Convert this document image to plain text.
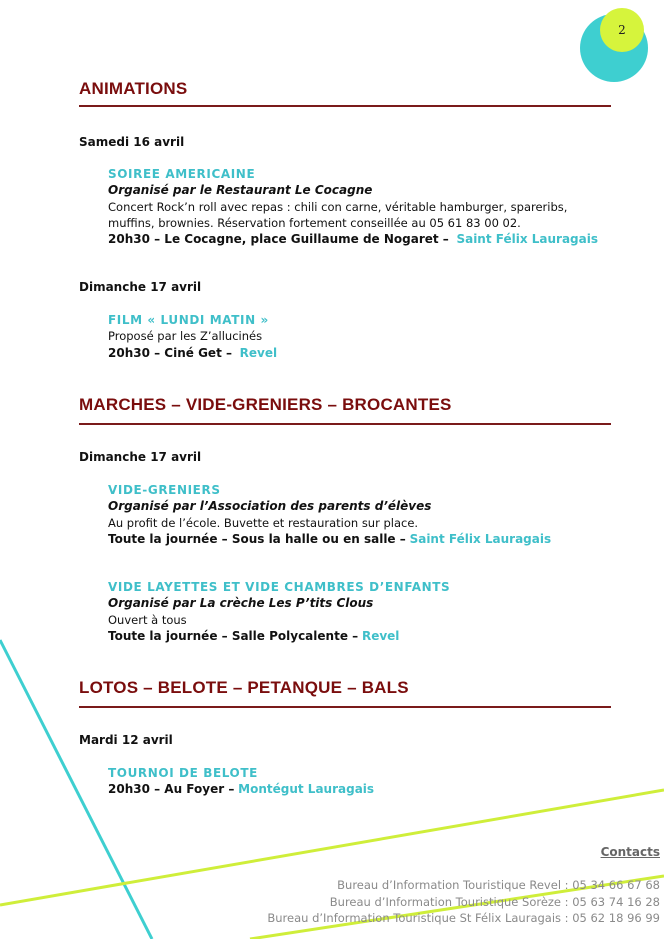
2
ANIMATIONS
Samedi 16 avril
SOIREE AMERICAINE
Organisé par le Restaurant Le Cocagne
Concert Rock’n roll avec repas : chili con carne, véritable hamburger, spareribs,
muffins, brownies. Réservation fortement conseillée au 05 61 83 00 02.
20h30 – Le Cocagne, place Guillaume de Nogaret – Saint Félix Lauragais
Dimanche 17 avril
FILM « LUNDI MATIN »
Proposé par les Z’allucinés
20h30 – Ciné Get – Revel
MARCHES – VIDE-GRENIERS – BROCANTES
Dimanche 17 avril
VIDE-GRENIERS
Organisé par l’Association des parents d’élèves
Au profit de l’école. Buvette et restauration sur place.
Toute la journée – Sous la halle ou en salle – Saint Félix Lauragais
VIDE LAYETTES ET VIDE CHAMBRES D’ENFANTS
Organisé par La crèche Les P’tits Clous
Ouvert à tous
Toute la journée – Salle Polycalente – Revel
LOTOS – BELOTE – PETANQUE – BALS
Mardi 12 avril
TOURNOI DE BELOTE
20h30 – Au Foyer – Montégut Lauragais
Contacts
Bureau d’Information Touristique Revel : 05 34 66 67 68
Bureau d’Information Touristique Sorèze : 05 63 74 16 28
Bureau d’Information Touristique St Félix Lauragais : 05 62 18 96 99
